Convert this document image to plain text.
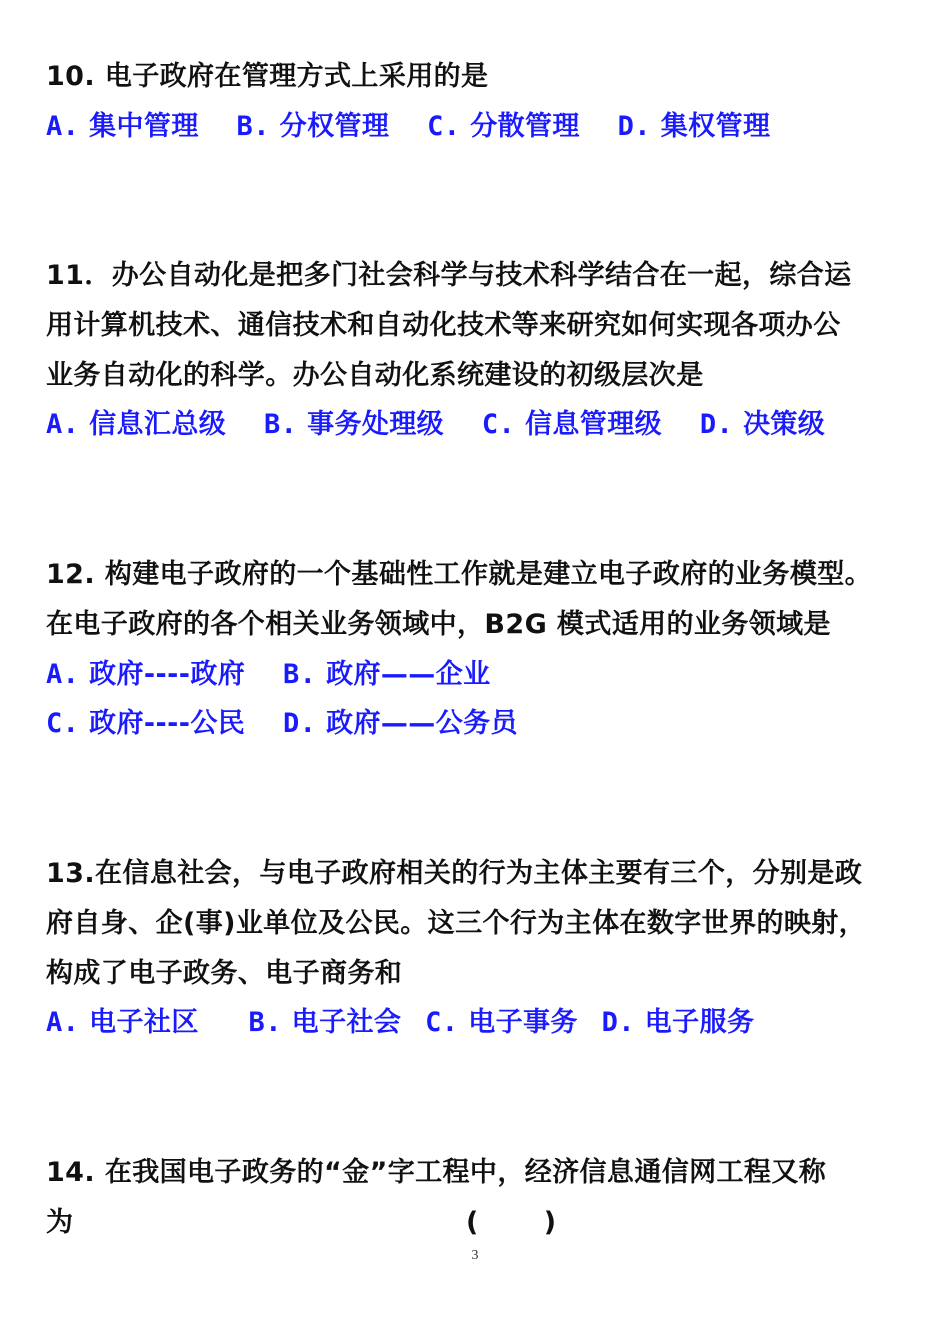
10. 电子政府在管理方式上采用的是
A. 集中管理 B. 分权管理 C. 分散管理 D. 集权管理
11．办公自动化是把多门社会科学与技术科学结合在一起，综合运
用计算机技术、通信技术和自动化技术等来研究如何实现各项办公
业务自动化的科学。办公自动化系统建设的初级层次是
A. 信息汇总级 B. 事务处理级 C. 信息管理级 D. 决策级
12. 构建电子政府的一个基础性工作就是建立电子政府的业务模型。
在电子政府的各个相关业务领域中，B2G 模式适用的业务领域是
A. 政府----政府 B. 政府——企业
C. 政府----公民 D. 政府——公务员
13.在信息社会，与电子政府相关的行为主体主要有三个，分别是政
府自身、企(事)业单位及公民。这三个行为主体在数字世界的映射，
构成了电子政务、电子商务和
A. 电子社区 B. 电子社会 C. 电子事务 D. 电子服务
14. 在我国电子政务的“金”字工程中，经济信息通信网工程又称
为	( )
3
